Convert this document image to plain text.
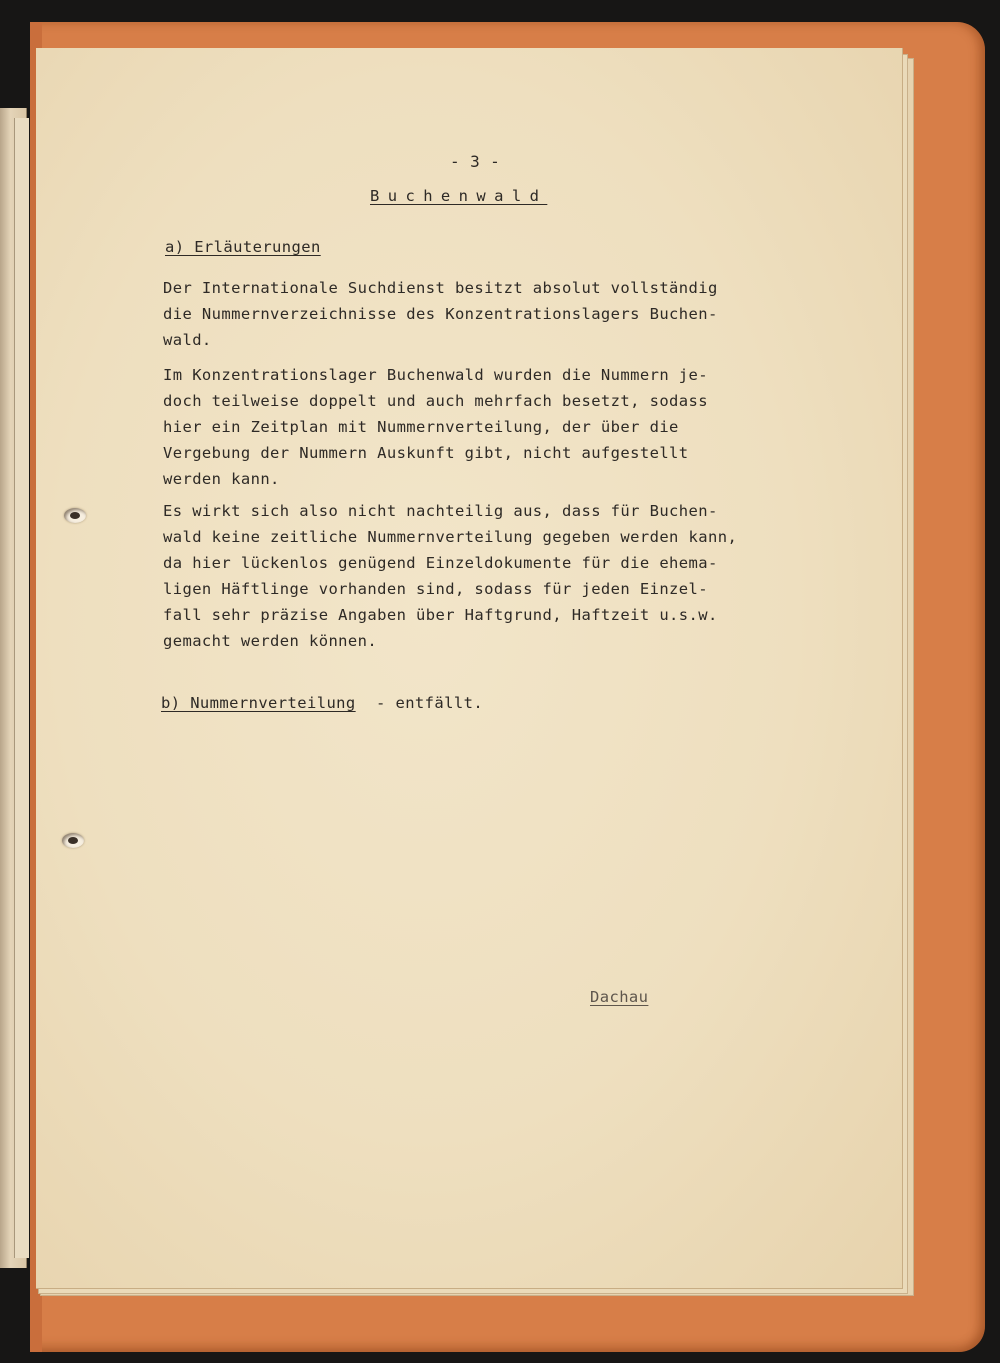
- 3 -
Buchenwald
a) Erläuterungen
Der Internationale Suchdienst besitzt absolut vollständig
die Nummernverzeichnisse des Konzentrationslagers Buchen-
wald.
Im Konzentrationslager Buchenwald wurden die Nummern je-
doch teilweise doppelt und auch mehrfach besetzt, sodass
hier ein Zeitplan mit Nummernverteilung, der über die
Vergebung der Nummern Auskunft gibt, nicht aufgestellt
werden kann.
Es wirkt sich also nicht nachteilig aus, dass für Buchen-
wald keine zeitliche Nummernverteilung gegeben werden kann,
da hier lückenlos genügend Einzeldokumente für die ehema-
ligen Häftlinge vorhanden sind, sodass für jeden Einzel-
fall sehr präzise Angaben über Haftgrund, Haftzeit u.s.w.
gemacht werden können.
b) Nummernverteilung - entfällt.
Dachau
